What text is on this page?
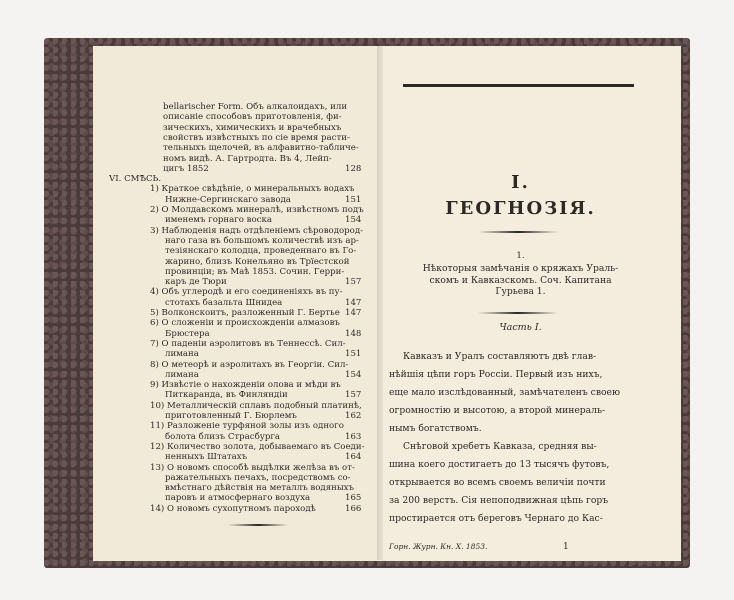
bellarischer Form. Объ алкалоидахъ, или
описаніе способовъ приготовленія, фи-
зическихъ, химическихъ и врачебныхъ
свойствъ извѣстныхъ по сіе время расти-
тельныхъ щелочей, въ алфавитно-табличе-
номъ видѣ. А. Гартродта. Въ 4, Лейп-
цигъ 1852	128
VI. СМѢСЬ.
1) Краткое свѣдѣніе, о минеральныхъ водахъ
Нижне-Сергинскаго завода	151
2) О Молдавскомъ минералѣ, извѣстномъ подъ
именемъ горнаго воска	154
3) Наблюденія надъ отдѣленіемъ сѣроводород-
наго газа въ большомъ количествѣ изъ ар-
тезіянскаго колодца, проведеннаго въ Го-
жарино, близъ Конельяно въ Трїестской
провинціи; въ Маѣ 1853. Сочин. Герри-
каръ де Тюри	157
4) Объ углеродѣ и его соединеніяхъ въ пу-
стотахъ базальта Шнидеа	147
5) Волконскоитъ, разложенный Г. Бертье 147
6) О сложеніи и происхожденіи алмазовъ
Брюстера	148
7) О паденіи аэролитовъ въ Теннессѣ. Сил-
лимана	151
8) О метеорѣ и аэролитахъ въ Георгіи. Сил-
лимана	154
9) Извѣстіе о нахожденіи олова и мѣди въ
Питкаранда, въ Финляндіи	157
10) Металлическій сплавъ подобный платинѣ,
приготовленный Г. Бюрлемъ	162
11) Разложеніе турфяной золы изъ одного
болота близъ Страсбурга	163
12) Количество золота, добываемаго въ Соеди-
ненныхъ Штатахъ	164
13) О новомъ способѣ выдѣлки желѣза въ от-
ражательныхъ печахъ, посредствомъ со-
вмѣстнаго дѣйствія на металлъ водяныхъ
паровъ и атмосфернаго воздуха	165
14) О новомъ сухопутномъ пароходѣ	166
I.
ГЕОГНОЗІЯ.
1.
Часть I.
Горн. Журн. Кн. X. 1853.	1
Нѣкоторыя замѣчанія о кряжахъ Ураль-
скомъ и Кавказскомъ. Соч. Капитана
Гурьева 1.
Кавказъ и Уралъ составляютъ двѣ глав-
нѣйшія цѣпи горъ Россіи. Первый изъ нихъ,
еще мало изслѣдованный, замѣчателенъ своею
огромностію и высотою, а второй минераль-
нымъ богатствомъ.
Снѣговой хребетъ Кавказа, средняя вы-
шина коего достигаетъ до 13 тысячъ футовъ,
открывается во всемъ своемъ величіи почти
за 200 верстъ. Сія непоподвижная цѣпь горъ
простирается отъ береговъ Чернаго до Кас-
